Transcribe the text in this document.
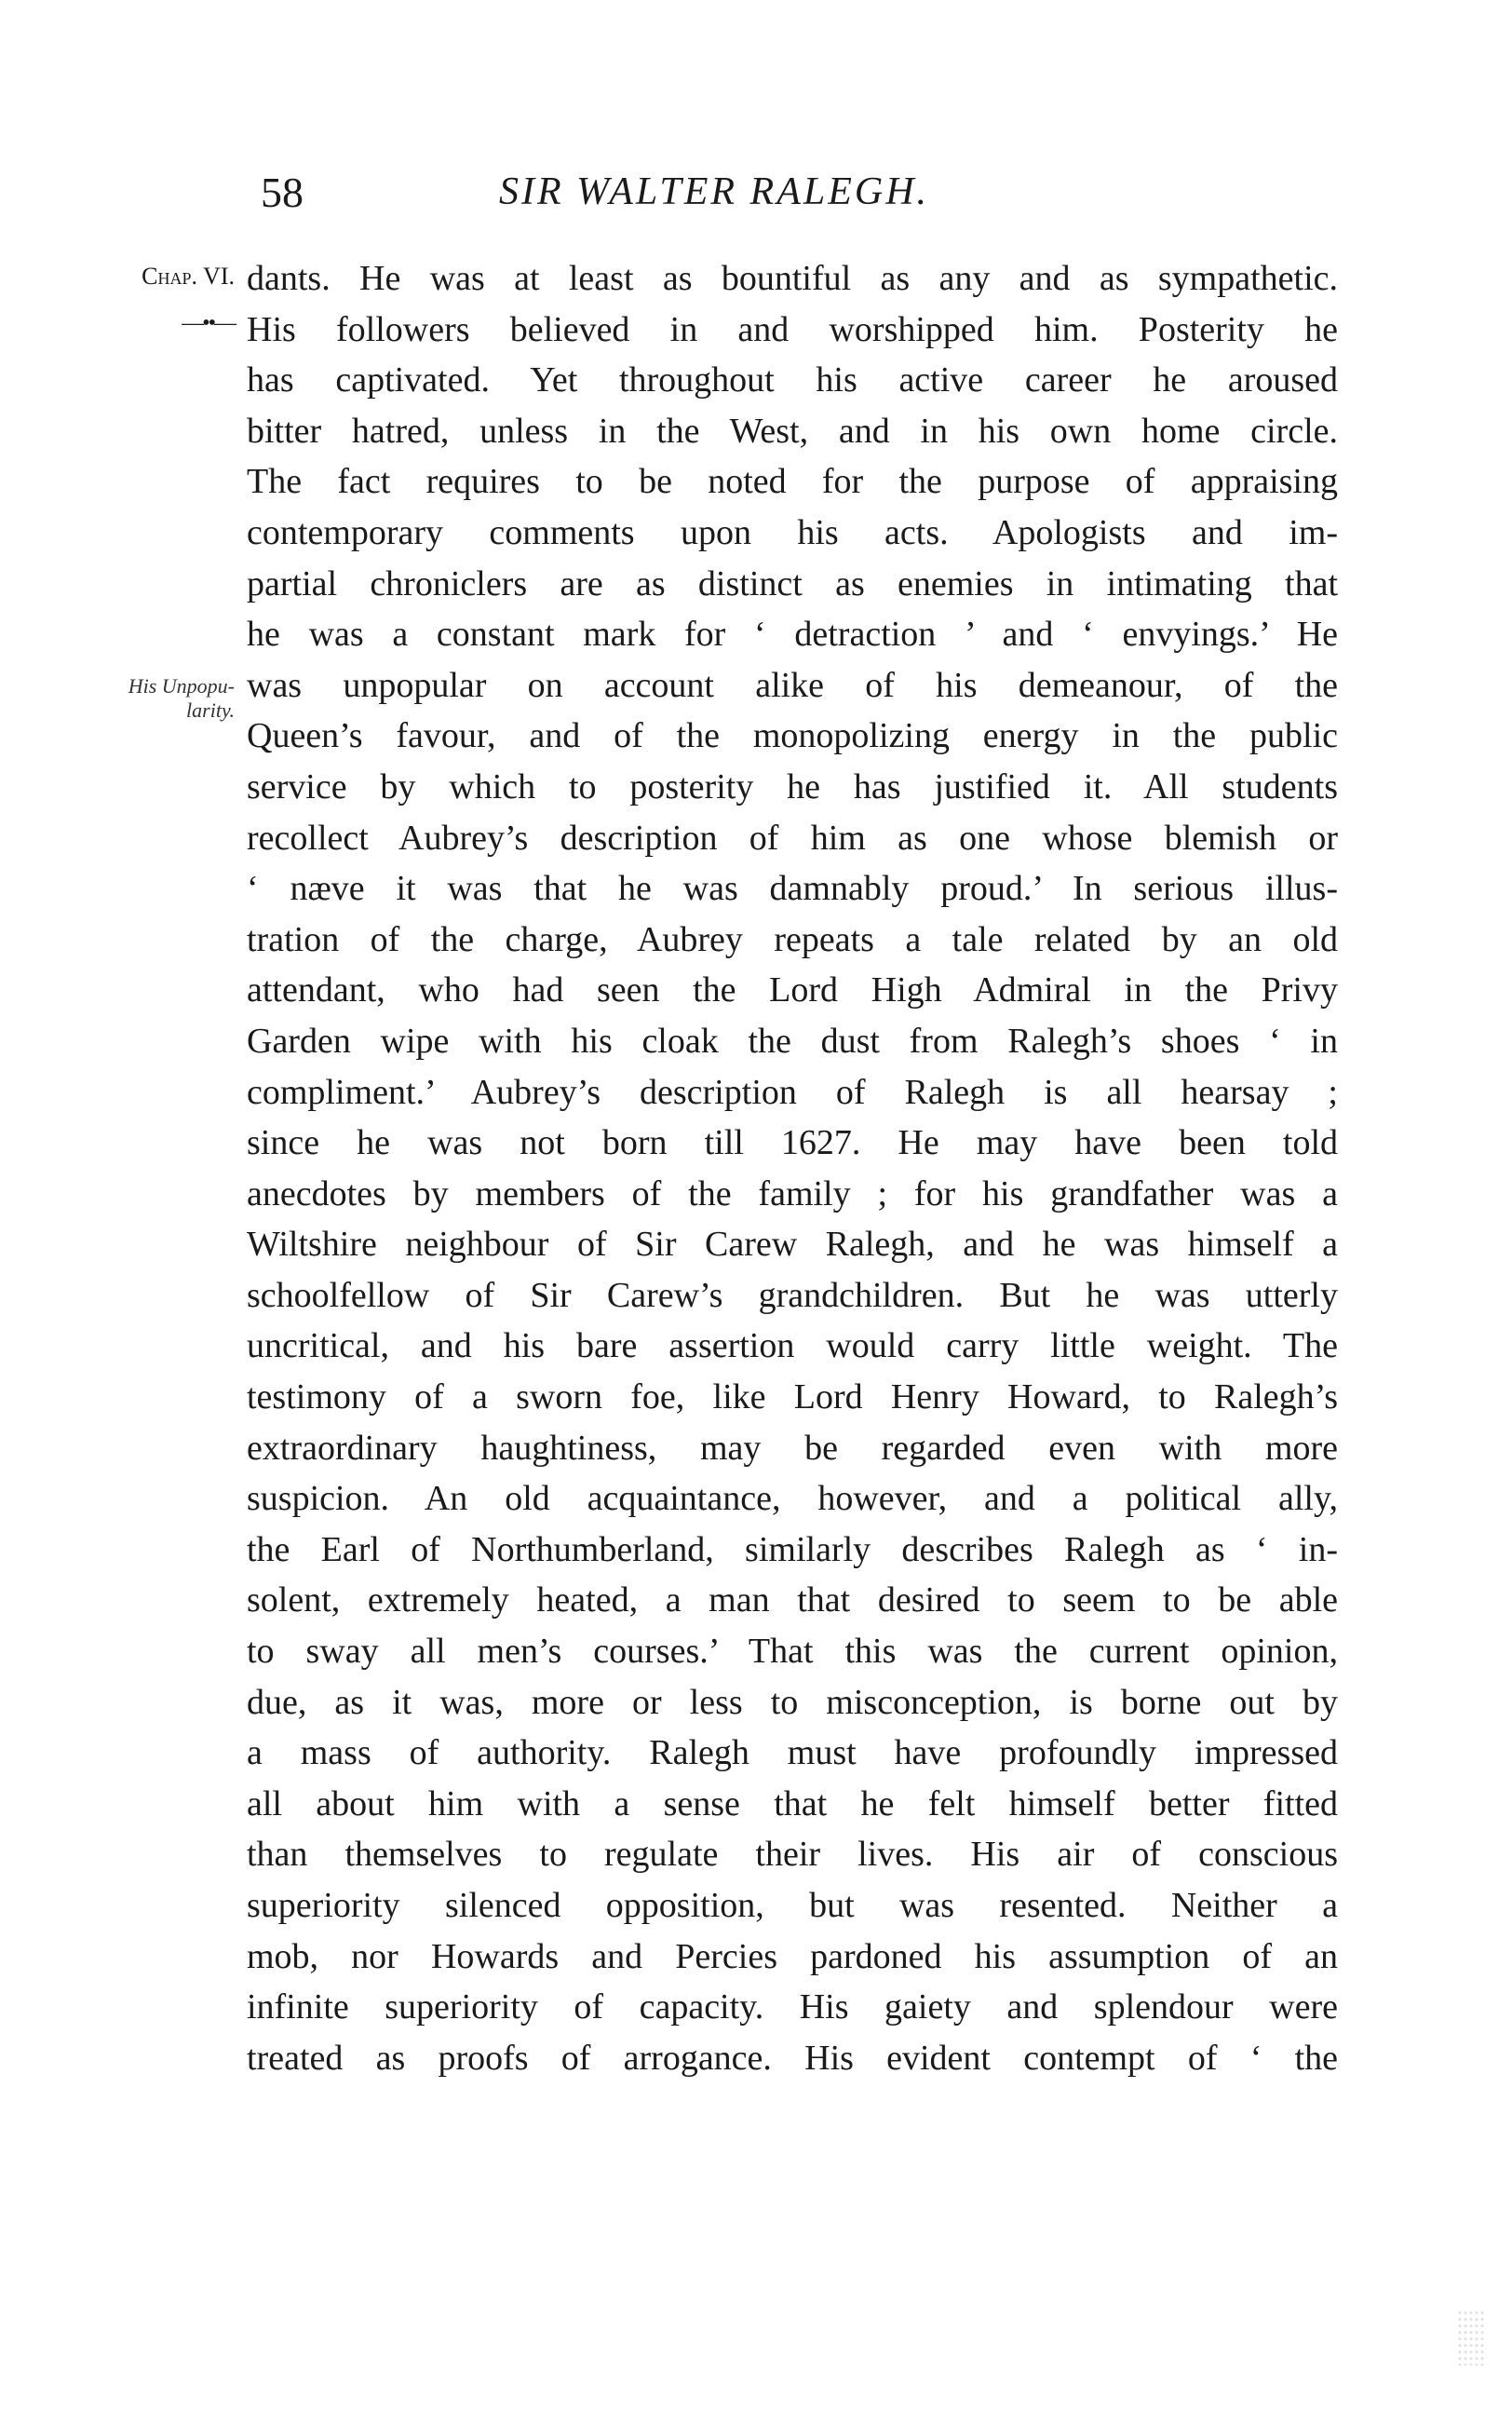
58	SIR WALTER RALEGH.
Chap. VI.
—••—
His Unpopu-
larity.
dants. He was at least as bountiful as any and as sympathetic.
His followers believed in and worshipped him. Posterity he
has captivated. Yet throughout his active career he aroused
bitter hatred, unless in the West, and in his own home circle.
The fact requires to be noted for the purpose of appraising
contemporary comments upon his acts. Apologists and im-
partial chroniclers are as distinct as enemies in intimating that
he was a constant mark for ‘ detraction ’ and ‘ envyings.’ He
was unpopular on account alike of his demeanour, of the
Queen’s favour, and of the monopolizing energy in the public
service by which to posterity he has justified it. All students
recollect Aubrey’s description of him as one whose blemish or
‘ næve it was that he was damnably proud.’ In serious illus-
tration of the charge, Aubrey repeats a tale related by an old
attendant, who had seen the Lord High Admiral in the Privy
Garden wipe with his cloak the dust from Ralegh’s shoes ‘ in
compliment.’ Aubrey’s description of Ralegh is all hearsay ;
since he was not born till 1627. He may have been told
anecdotes by members of the family ; for his grandfather was a
Wiltshire neighbour of Sir Carew Ralegh, and he was himself a
schoolfellow of Sir Carew’s grandchildren. But he was utterly
uncritical, and his bare assertion would carry little weight. The
testimony of a sworn foe, like Lord Henry Howard, to Ralegh’s
extraordinary haughtiness, may be regarded even with more
suspicion. An old acquaintance, however, and a political ally,
the Earl of Northumberland, similarly describes Ralegh as ‘ in-
solent, extremely heated, a man that desired to seem to be able
to sway all men’s courses.’ That this was the current opinion,
due, as it was, more or less to misconception, is borne out by
a mass of authority. Ralegh must have profoundly impressed
all about him with a sense that he felt himself better fitted
than themselves to regulate their lives. His air of conscious
superiority silenced opposition, but was resented. Neither a
mob, nor Howards and Percies pardoned his assumption of an
infinite superiority of capacity. His gaiety and splendour were
treated as proofs of arrogance. His evident contempt of ‘ the
